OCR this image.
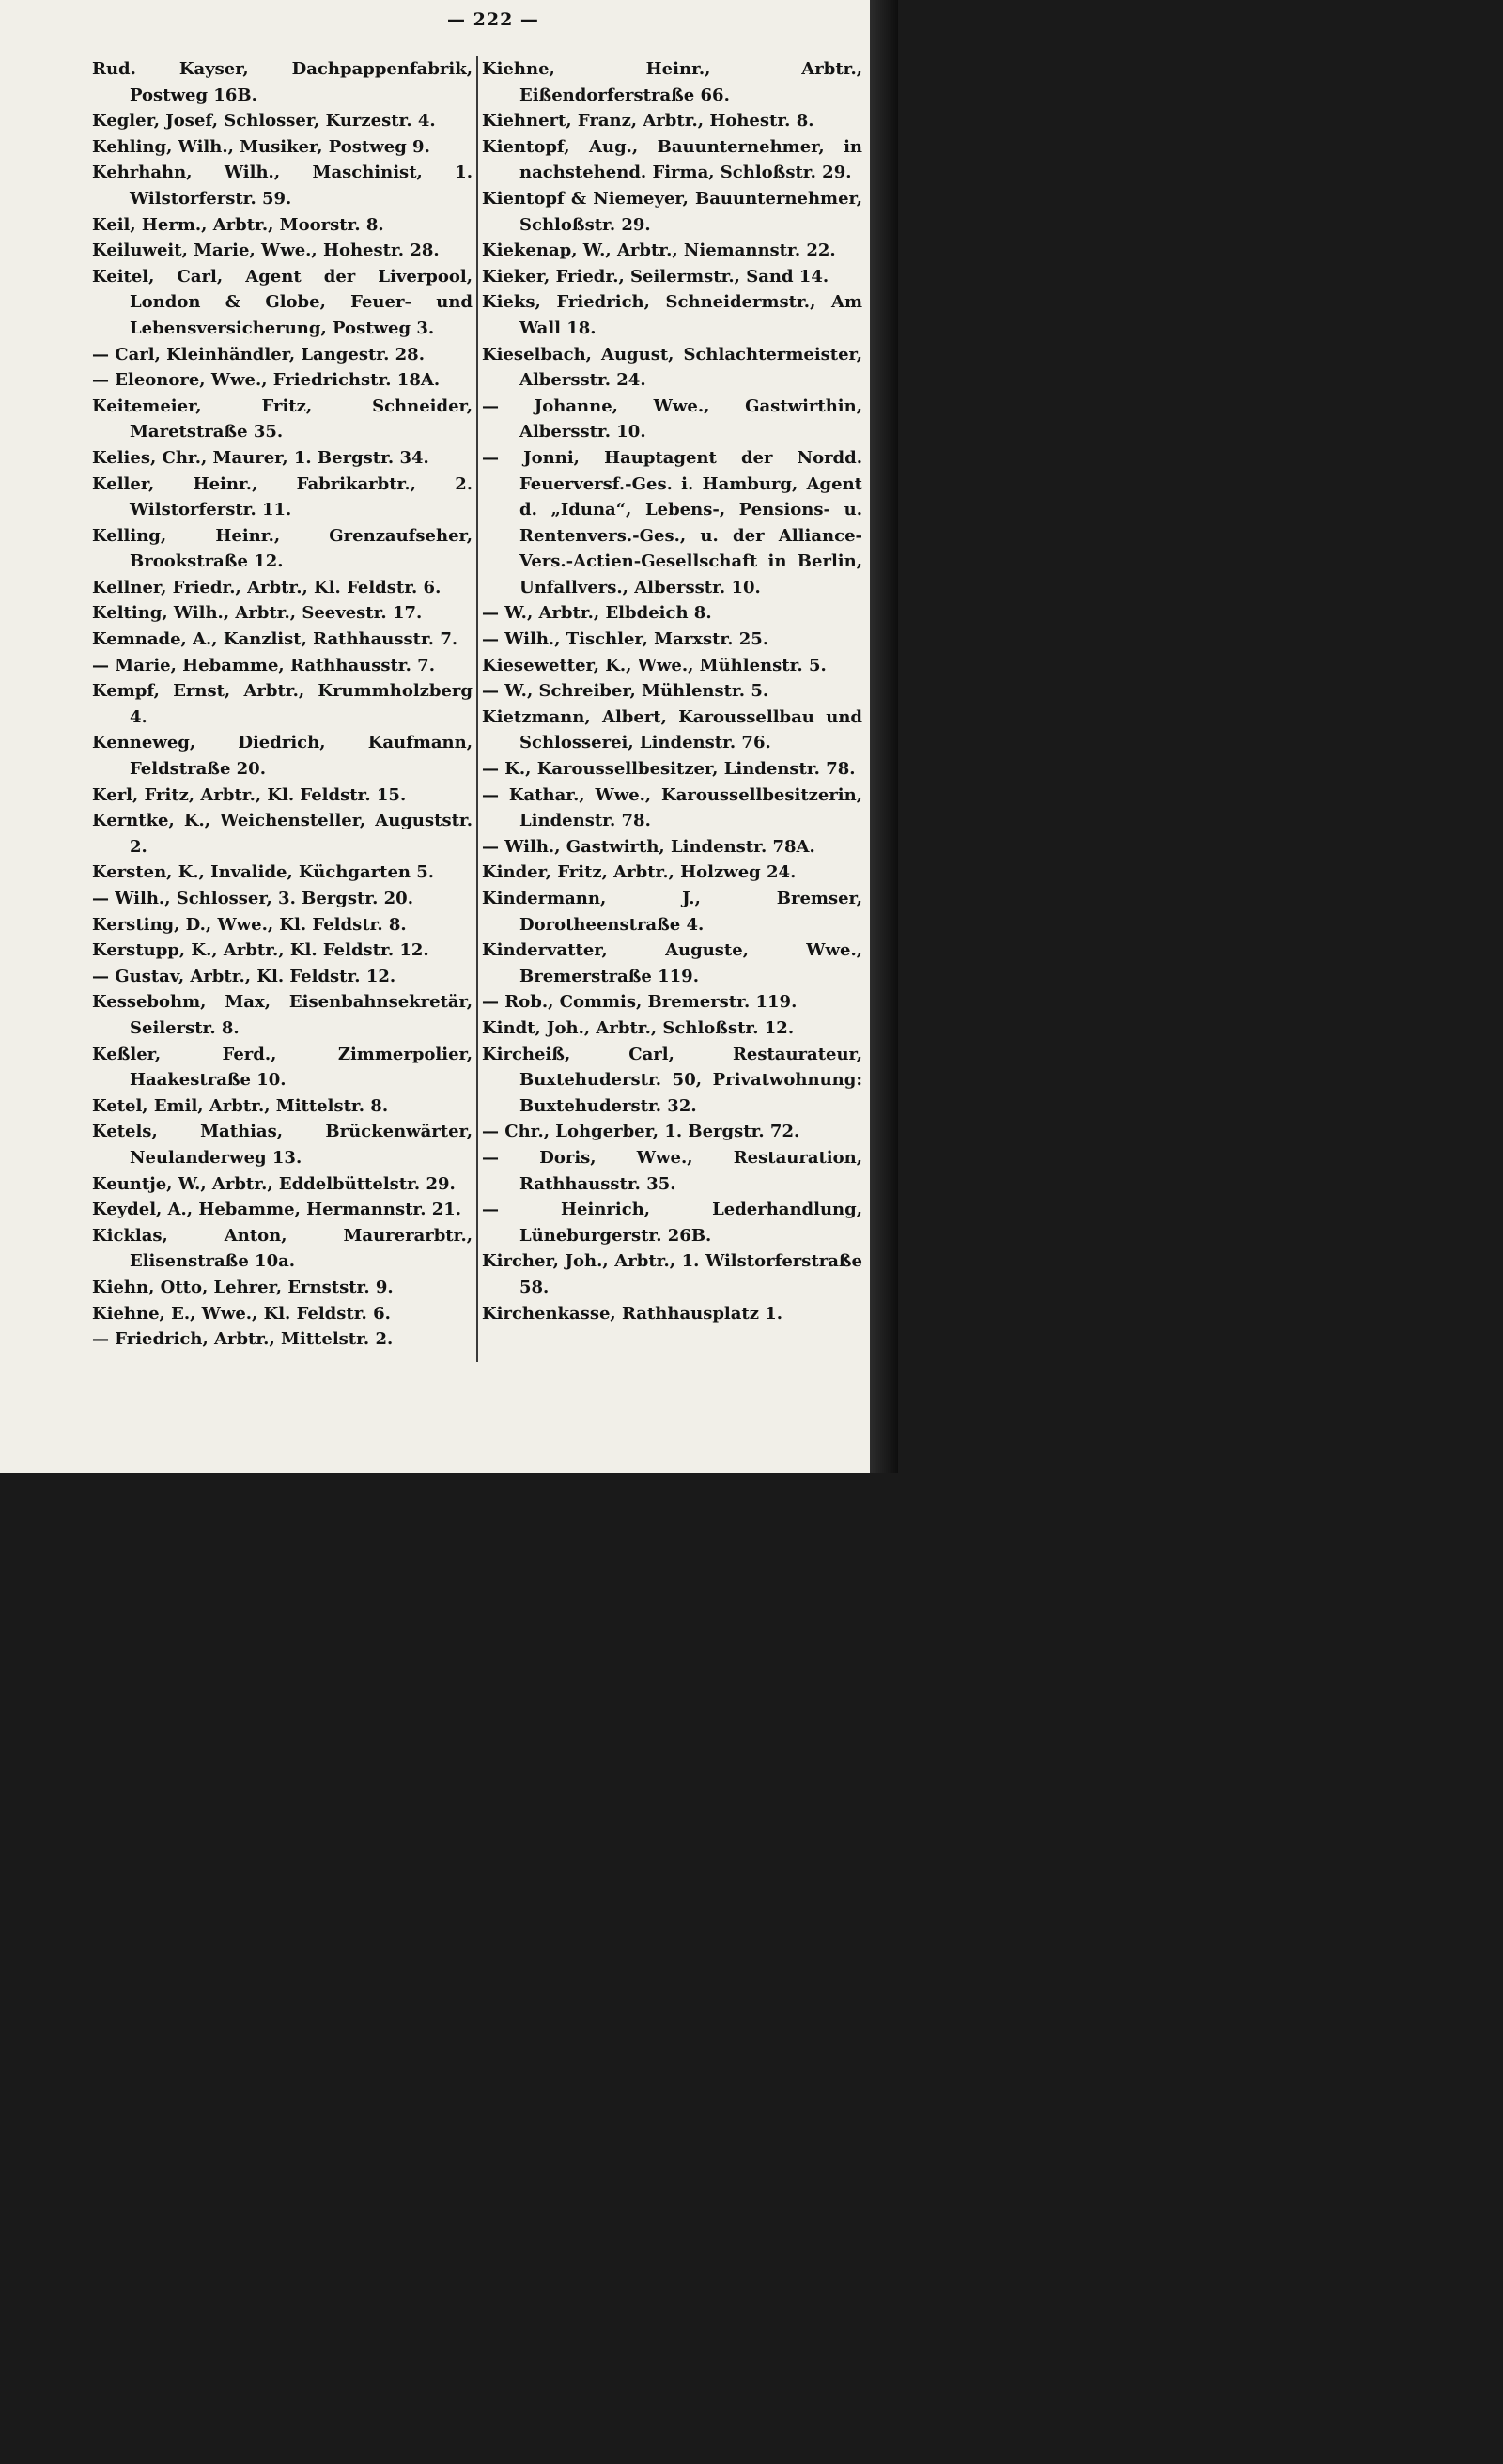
— 222 —
Rud. Kayser, Dachpappenfabrik, Postweg 16B.
Kegler, Josef, Schlosser, Kurzestr. 4.
Kehling, Wilh., Musiker, Postweg 9.
Kehrhahn, Wilh., Maschinist, 1. Wilstorferstr. 59.
Keil, Herm., Arbtr., Moorstr. 8.
Keiluweit, Marie, Wwe., Hohestr. 28.
Keitel, Carl, Agent der Liverpool, London & Globe, Feuer- und Lebensversicherung, Postweg 3.
— Carl, Kleinhändler, Langestr. 28.
— Eleonore, Wwe., Friedrichstr. 18A.
Keitemeier, Fritz, Schneider, Maretstraße 35.
Kelies, Chr., Maurer, 1. Bergstr. 34.
Keller, Heinr., Fabrikarbtr., 2. Wilstorferstr. 11.
Kelling, Heinr., Grenzaufseher, Brookstraße 12.
Kellner, Friedr., Arbtr., Kl. Feldstr. 6.
Kelting, Wilh., Arbtr., Seevestr. 17.
Kemnade, A., Kanzlist, Rathhausstr. 7.
— Marie, Hebamme, Rathhausstr. 7.
Kempf, Ernst, Arbtr., Krummholzberg 4.
Kenneweg, Diedrich, Kaufmann, Feldstraße 20.
Kerl, Fritz, Arbtr., Kl. Feldstr. 15.
Kerntke, K., Weichensteller, Auguststr. 2.
Kersten, K., Invalide, Küchgarten 5.
— Wilh., Schlosser, 3. Bergstr. 20.
Kersting, D., Wwe., Kl. Feldstr. 8.
Kerstupp, K., Arbtr., Kl. Feldstr. 12.
— Gustav, Arbtr., Kl. Feldstr. 12.
Kessebohm, Max, Eisenbahnsekretär, Seilerstr. 8.
Keßler, Ferd., Zimmerpolier, Haakestraße 10.
Ketel, Emil, Arbtr., Mittelstr. 8.
Ketels, Mathias, Brückenwärter, Neulanderweg 13.
Keuntje, W., Arbtr., Eddelbüttelstr. 29.
Keydel, A., Hebamme, Hermannstr. 21.
Kicklas, Anton, Maurerarbtr., Elisenstraße 10a.
Kiehn, Otto, Lehrer, Ernststr. 9.
Kiehne, E., Wwe., Kl. Feldstr. 6.
— Friedrich, Arbtr., Mittelstr. 2.
Kiehne, Heinr., Arbtr., Eißendorferstraße 66.
Kiehnert, Franz, Arbtr., Hohestr. 8.
Kientopf, Aug., Bauunternehmer, in nachstehend. Firma, Schloßstr. 29.
Kientopf & Niemeyer, Bauunternehmer, Schloßstr. 29.
Kiekenap, W., Arbtr., Niemannstr. 22.
Kieker, Friedr., Seilermstr., Sand 14.
Kieks, Friedrich, Schneidermstr., Am Wall 18.
Kieselbach, August, Schlachtermeister, Albersstr. 24.
— Johanne, Wwe., Gastwirthin, Albersstr. 10.
— Jonni, Hauptagent der Nordd. Feuerversf.-Ges. i. Hamburg, Agent d. „Iduna“, Lebens-, Pensions- u. Rentenvers.-Ges., u. der Alliance-Vers.-Actien-Gesellschaft in Berlin, Unfallvers., Albersstr. 10.
— W., Arbtr., Elbdeich 8.
— Wilh., Tischler, Marxstr. 25.
Kiesewetter, K., Wwe., Mühlenstr. 5.
— W., Schreiber, Mühlenstr. 5.
Kietzmann, Albert, Karoussellbau und Schlosserei, Lindenstr. 76.
— K., Karoussellbesitzer, Lindenstr. 78.
— Kathar., Wwe., Karoussellbesitzerin, Lindenstr. 78.
— Wilh., Gastwirth, Lindenstr. 78A.
Kinder, Fritz, Arbtr., Holzweg 24.
Kindermann, J., Bremser, Dorotheenstraße 4.
Kindervatter, Auguste, Wwe., Bremerstraße 119.
— Rob., Commis, Bremerstr. 119.
Kindt, Joh., Arbtr., Schloßstr. 12.
Kircheiß, Carl, Restaurateur, Buxtehuderstr. 50, Privatwohnung: Buxtehuderstr. 32.
— Chr., Lohgerber, 1. Bergstr. 72.
— Doris, Wwe., Restauration, Rathhausstr. 35.
— Heinrich, Lederhandlung, Lüneburgerstr. 26B.
Kircher, Joh., Arbtr., 1. Wilstorferstraße 58.
Kirchenkasse, Rathhausplatz 1.
